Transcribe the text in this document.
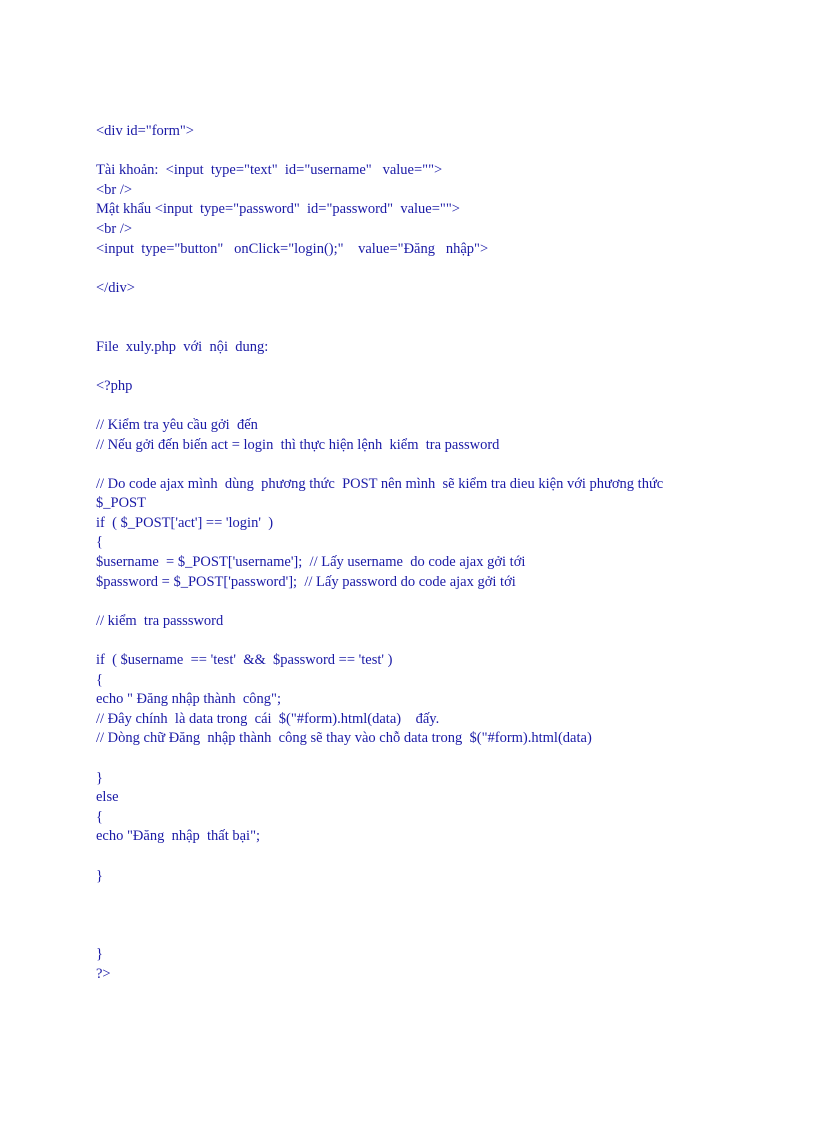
<div id="form">
Tài khoản:  <input  type="text"  id="username"   value="">
<br />
Mật khẩu <input  type="password"  id="password"  value="">
<br />
<input  type="button"   onClick="login();"    value="Đăng   nhập">
</div>
File  xuly.php  với  nội  dung:
<?php
// Kiểm tra yêu cầu gởi  đến
// Nếu gởi đến biến act = login  thì thực hiện lệnh  kiểm  tra password
// Do code ajax mình  dùng  phương thức  POST nên mình  sẽ kiểm tra dieu kiện với phương thức
$_POST
if  ( $_POST['act'] == 'login'  )
{
$username  = $_POST['username'];  // Lấy username  do code ajax gởi tới
$password = $_POST['password'];  // Lấy password do code ajax gởi tới
// kiểm  tra passsword
if  ( $username  == 'test'  &&  $password == 'test' )
{
echo " Đăng nhập thành  công";
// Đây chính  là data trong  cái  $("#form).html(data)    đấy.
// Dòng chữ Đăng  nhập thành  công sẽ thay vào chỗ data trong  $("#form).html(data)
}
else
{
echo "Đăng  nhập  thất bại";
}
}
?>
